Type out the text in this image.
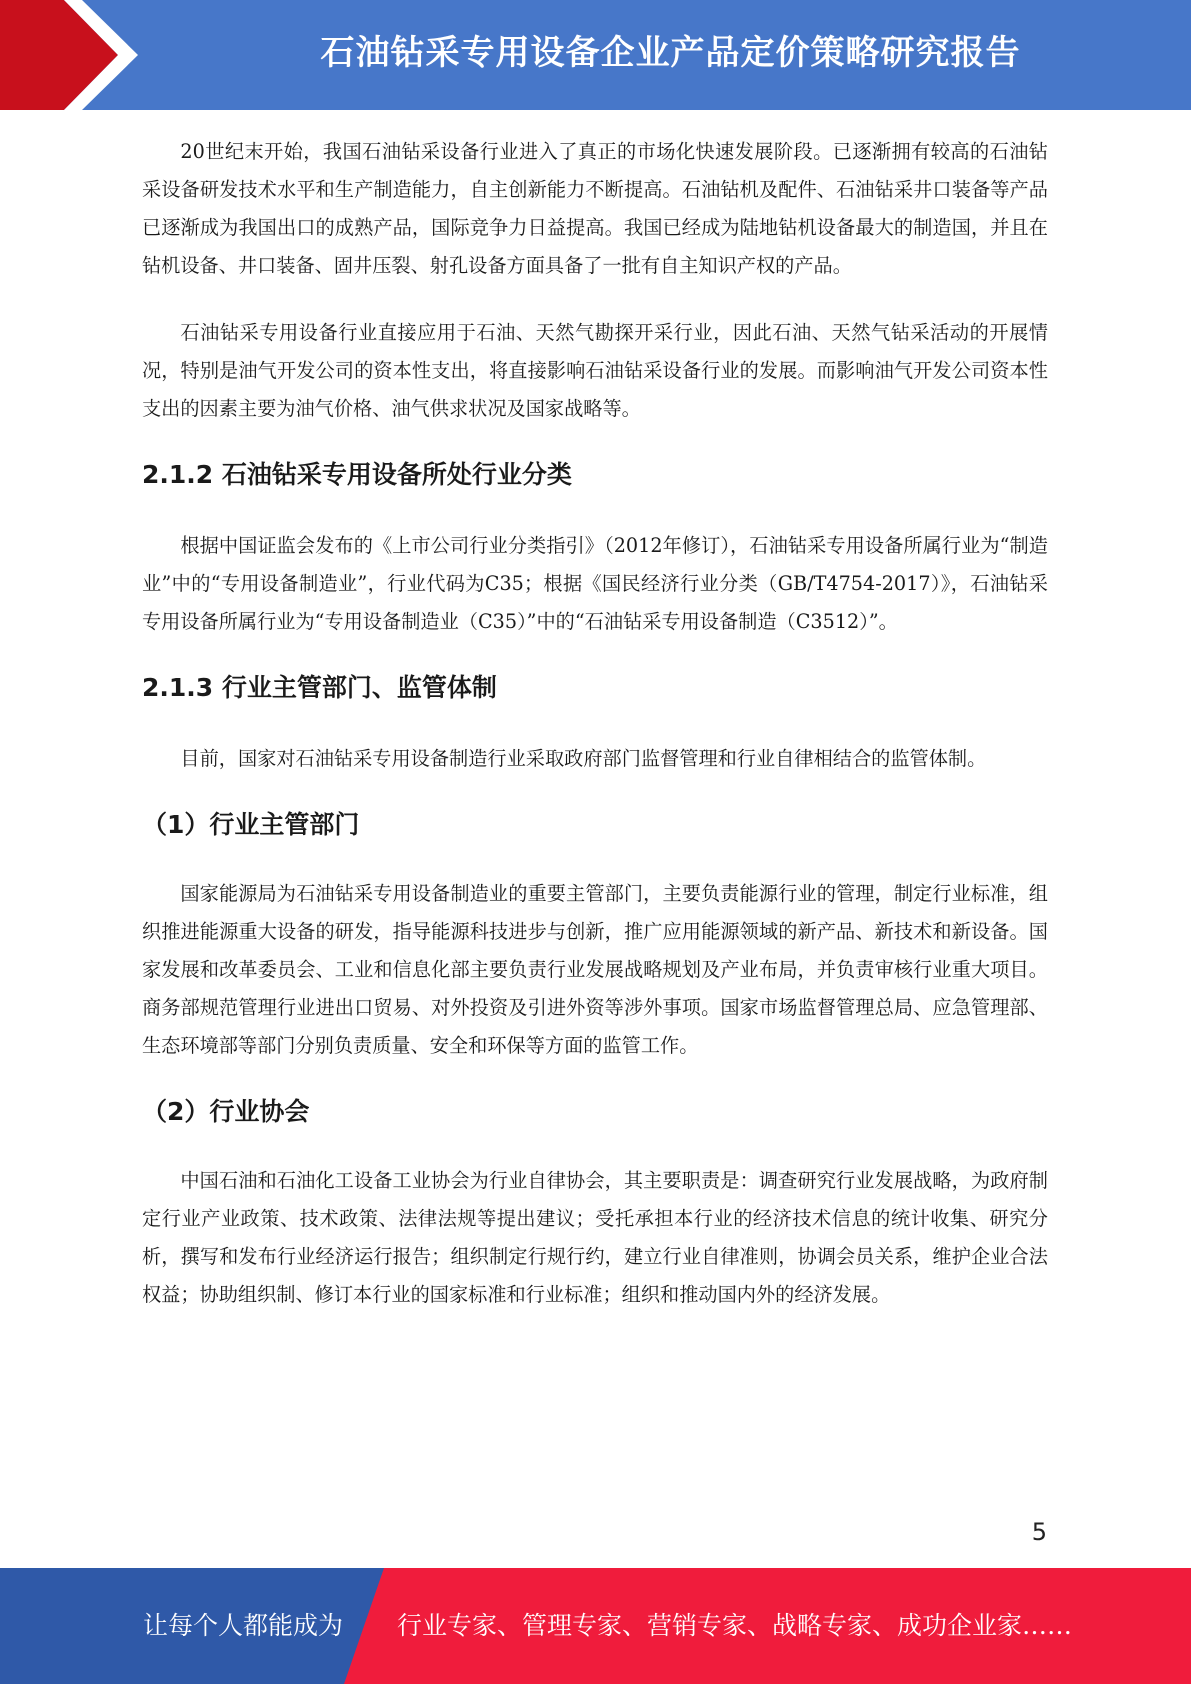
石油钻采专用设备企业产品定价策略研究报告

20世纪末开始，我国石油钻采设备行业进入了真正的市场化快速发展阶段。已逐渐拥有较高的石油钻采设备研发技术水平和生产制造能力，自主创新能力不断提高。石油钻机及配件、石油钻采井口装备等产品已逐渐成为我国出口的成熟产品，国际竞争力日益提高。我国已经成为陆地钻机设备最大的制造国，并且在钻机设备、井口装备、固井压裂、射孔设备方面具备了一批有自主知识产权的产品。

石油钻采专用设备行业直接应用于石油、天然气勘探开采行业，因此石油、天然气钻采活动的开展情况，特别是油气开发公司的资本性支出，将直接影响石油钻采设备行业的发展。而影响油气开发公司资本性支出的因素主要为油气价格、油气供求状况及国家战略等。

2.1.2 石油钻采专用设备所处行业分类

根据中国证监会发布的《上市公司行业分类指引》（2012年修订），石油钻采专用设备所属行业为“制造业”中的“专用设备制造业”，行业代码为C35；根据《国民经济行业分类（GB/T4754-2017）》，石油钻采专用设备所属行业为“专用设备制造业（C35）”中的“石油钻采专用设备制造（C3512）”。

2.1.3 行业主管部门、监管体制

目前，国家对石油钻采专用设备制造行业采取政府部门监督管理和行业自律相结合的监管体制。

（1）行业主管部门

国家能源局为石油钻采专用设备制造业的重要主管部门，主要负责能源行业的管理，制定行业标准，组织推进能源重大设备的研发，指导能源科技进步与创新，推广应用能源领域的新产品、新技术和新设备。国家发展和改革委员会、工业和信息化部主要负责行业发展战略规划及产业布局，并负责审核行业重大项目。商务部规范管理行业进出口贸易、对外投资及引进外资等涉外事项。国家市场监督管理总局、应急管理部、生态环境部等部门分别负责质量、安全和环保等方面的监管工作。

（2）行业协会

中国石油和石油化工设备工业协会为行业自律协会，其主要职责是：调查研究行业发展战略，为政府制定行业产业政策、技术政策、法律法规等提出建议；受托承担本行业的经济技术信息的统计收集、研究分析，撰写和发布行业经济运行报告；组织制定行规行约，建立行业自律准则，协调会员关系，维护企业合法权益；协助组织制、修订本行业的国家标准和行业标准；组织和推动国内外的经济发展。

5
让每个人都能成为 行业专家、管理专家、营销专家、战略专家、成功企业家……
